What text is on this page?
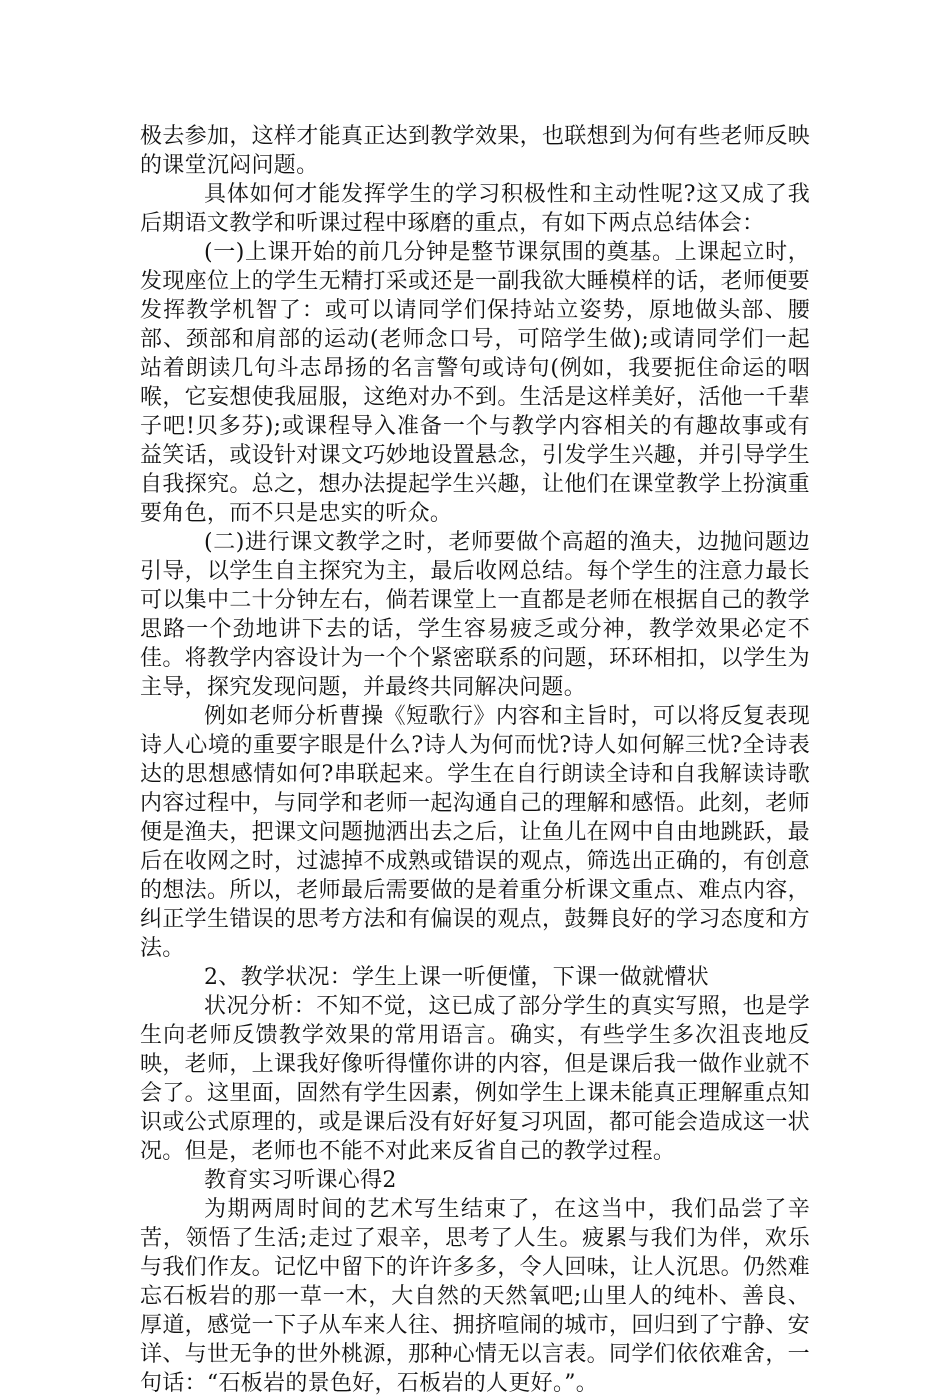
极去参加，这样才能真正达到教学效果，也联想到为何有些老师反映的课堂沉闷问题。

具体如何才能发挥学生的学习积极性和主动性呢?这又成了我后期语文教学和听课过程中琢磨的重点，有如下两点总结体会：

(一)上课开始的前几分钟是整节课氛围的奠基。上课起立时，发现座位上的学生无精打采或还是一副我欲大睡模样的话，老师便要发挥教学机智了：或可以请同学们保持站立姿势，原地做头部、腰部、颈部和肩部的运动(老师念口号，可陪学生做);或请同学们一起站着朗读几句斗志昂扬的名言警句或诗句(例如，我要扼住命运的咽喉，它妄想使我屈服，这绝对办不到。生活是这样美好，活他一千辈子吧!贝多芬);或课程导入准备一个与教学内容相关的有趣故事或有益笑话，或设针对课文巧妙地设置悬念，引发学生兴趣，并引导学生自我探究。总之，想办法提起学生兴趣，让他们在课堂教学上扮演重要角色，而不只是忠实的听众。

(二)进行课文教学之时，老师要做个高超的渔夫，边抛问题边引导，以学生自主探究为主，最后收网总结。每个学生的注意力最长可以集中二十分钟左右，倘若课堂上一直都是老师在根据自己的教学思路一个劲地讲下去的话，学生容易疲乏或分神，教学效果必定不佳。将教学内容设计为一个个紧密联系的问题，环环相扣，以学生为主导，探究发现问题，并最终共同解决问题。

例如老师分析曹操《短歌行》内容和主旨时，可以将反复表现诗人心境的重要字眼是什么?诗人为何而忧?诗人如何解三忧?全诗表达的思想感情如何?串联起来。学生在自行朗读全诗和自我解读诗歌内容过程中，与同学和老师一起沟通自己的理解和感悟。此刻，老师便是渔夫，把课文问题抛洒出去之后，让鱼儿在网中自由地跳跃，最后在收网之时，过滤掉不成熟或错误的观点，筛选出正确的，有创意的想法。所以，老师最后需要做的是着重分析课文重点、难点内容，纠正学生错误的思考方法和有偏误的观点，鼓舞良好的学习态度和方法。

2、教学状况：学生上课一听便懂，下课一做就懵状

状况分析：不知不觉，这已成了部分学生的真实写照，也是学生向老师反馈教学效果的常用语言。确实，有些学生多次沮丧地反映，老师，上课我好像听得懂你讲的内容，但是课后我一做作业就不会了。这里面，固然有学生因素，例如学生上课未能真正理解重点知识或公式原理的，或是课后没有好好复习巩固，都可能会造成这一状况。但是，老师也不能不对此来反省自己的教学过程。

教育实习听课心得2

为期两周时间的艺术写生结束了，在这当中，我们品尝了辛苦，领悟了生活;走过了艰辛，思考了人生。疲累与我们为伴，欢乐与我们作友。记忆中留下的许许多多，令人回味，让人沉思。仍然难忘石板岩的那一草一木，大自然的天然氧吧;山里人的纯朴、善良、厚道，感觉一下子从车来人往、拥挤喧闹的城市，回归到了宁静、安详、与世无争的世外桃源，那种心情无以言表。同学们依依难舍，一句话：“石板岩的景色好，石板岩的人更好。”。
